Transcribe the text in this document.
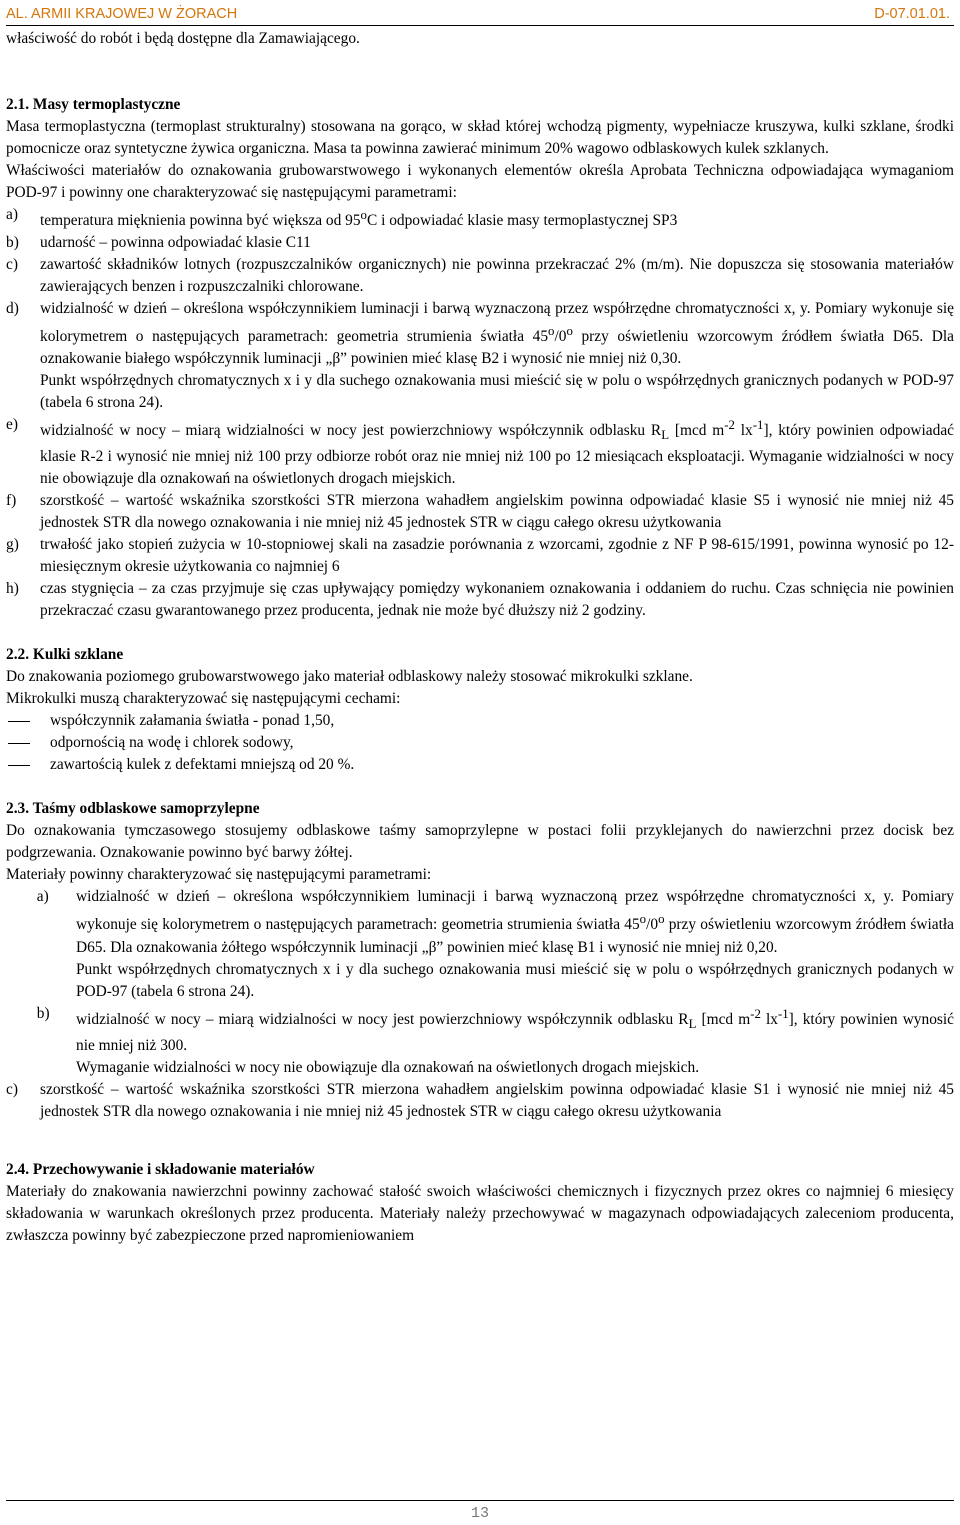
AL. ARMII KRAJOWEJ W ŻORACH	D-07.01.01.

właściwość do robót i będą dostępne dla Zamawiającego.

2.1. Masy termoplastyczne

Masa termoplastyczna (termoplast strukturalny) stosowana na gorąco, w skład której wchodzą pigmenty, wypełniacze kruszywa, kulki szklane, środki pomocnicze oraz syntetyczne żywica organiczna. Masa ta powinna zawierać minimum 20% wagowo odblaskowych kulek szklanych.

Właściwości materiałów do oznakowania grubowarstwowego i wykonanych elementów określa Aprobata Techniczna odpowiadająca wymaganiom POD-97 i powinny one charakteryzować się następującymi parametrami:

a)	temperatura mięknienia powinna być większa od 95$^o$C i odpowiadać klasie masy termoplastycznej SP3
b)	udarność – powinna odpowiadać klasie C11
c)	zawartość składników lotnych (rozpuszczalników organicznych) nie powinna przekraczać 2% (m/m). Nie dopuszcza się stosowania materiałów zawierających benzen i rozpuszczalniki chlorowane.
d)	widzialność w dzień – określona współczynnikiem luminacji i barwą wyznaczoną przez współrzędne chromatyczności x, y. Pomiary wykonuje się kolorymetrem o następujących parametrach: geometria strumienia światła 45$^o$/0$^o$ przy oświetleniu wzorcowym źródłem światła D65. Dla oznakowanie białego współczynnik luminacji „β” powinien mieć klasę B2 i wynosić nie mniej niż 0,30.

Punkt współrzędnych chromatycznych x i y dla suchego oznakowania musi mieścić się w polu o współrzędnych granicznych podanych w POD-97 (tabela 6 strona 24).

e)	widzialność w nocy – miarą widzialności w nocy jest powierzchniowy współczynnik odblasku $R_L$ [mcd $m^{-2}$ $lx^{-1}$], który powinien odpowiadać klasie R-2 i wynosić nie mniej niż 100 przy odbiorze robót oraz nie mniej niż 100 po 12 miesiącach eksploatacji. Wymaganie widzialności w nocy nie obowiązuje dla oznakowań na oświetlonych drogach miejskich.
f)	szorstkość – wartość wskaźnika szorstkości STR mierzona wahadłem angielskim powinna odpowiadać klasie S5 i wynosić nie mniej niż 45 jednostek STR dla nowego oznakowania i nie mniej niż 45 jednostek STR w ciągu całego okresu użytkowania
g)	trwałość jako stopień zużycia w 10-stopniowej skali na zasadzie porównania z wzorcami, zgodnie z NF P 98-615/1991, powinna wynosić po 12-miesięcznym okresie użytkowania co najmniej 6
h)	czas stygnięcia – za czas przyjmuje się czas upływający pomiędzy wykonaniem oznakowania i oddaniem do ruchu. Czas schnięcia nie powinien przekraczać czasu gwarantowanego przez producenta, jednak nie może być dłuższy niż 2 godziny.
2.2. Kulki szklane

Do znakowania poziomego grubowarstwowego jako materiał odblaskowy należy stosować mikrokulki szklane.

Mikrokulki muszą charakteryzować się następującymi cechami:

współczynnik załamania światła - ponad 1,50,
odpornością na wodę i chlorek sodowy,
zawartością kulek z defektami mniejszą od 20 %.
2.3. Taśmy odblaskowe samoprzylepne

Do oznakowania tymczasowego stosujemy odblaskowe taśmy samoprzylepne w postaci folii przyklejanych do nawierzchni przez docisk bez podgrzewania. Oznakowanie powinno być barwy żółtej.

Materiały powinny charakteryzować się następującymi parametrami:

a)	widzialność w dzień – określona współczynnikiem luminacji i barwą wyznaczoną przez współrzędne chromatyczności x, y. Pomiary wykonuje się kolorymetrem o następujących parametrach: geometria strumienia światła 45$^o$/0$^o$ przy oświetleniu wzorcowym źródłem światła D65. Dla oznakowania żółtego współczynnik luminacji „β” powinien mieć klasę B1 i wynosić nie mniej niż 0,20.

Punkt współrzędnych chromatycznych x i y dla suchego oznakowania musi mieścić się w polu o współrzędnych granicznych podanych w POD-97 (tabela 6 strona 24).

b)	widzialność w nocy – miarą widzialności w nocy jest powierzchniowy współczynnik odblasku $R_L$ [mcd $m^{-2}$ $lx^{-1}$], który powinien wynosić nie mniej niż 300.

Wymaganie widzialności w nocy nie obowiązuje dla oznakowań na oświetlonych drogach miejskich.

c)	szorstkość – wartość wskaźnika szorstkości STR mierzona wahadłem angielskim powinna odpowiadać klasie S1 i wynosić nie mniej niż 45 jednostek STR dla nowego oznakowania i nie mniej niż 45 jednostek STR w ciągu całego okresu użytkowania
2.4. Przechowywanie i składowanie materiałów

Materiały do znakowania nawierzchni powinny zachować stałość swoich właściwości chemicznych i fizycznych przez okres co najmniej 6 miesięcy składowania w warunkach określonych przez producenta. Materiały należy przechowywać w magazynach odpowiadających zaleceniom producenta, zwłaszcza powinny być zabezpieczone przed napromieniowaniem

13
